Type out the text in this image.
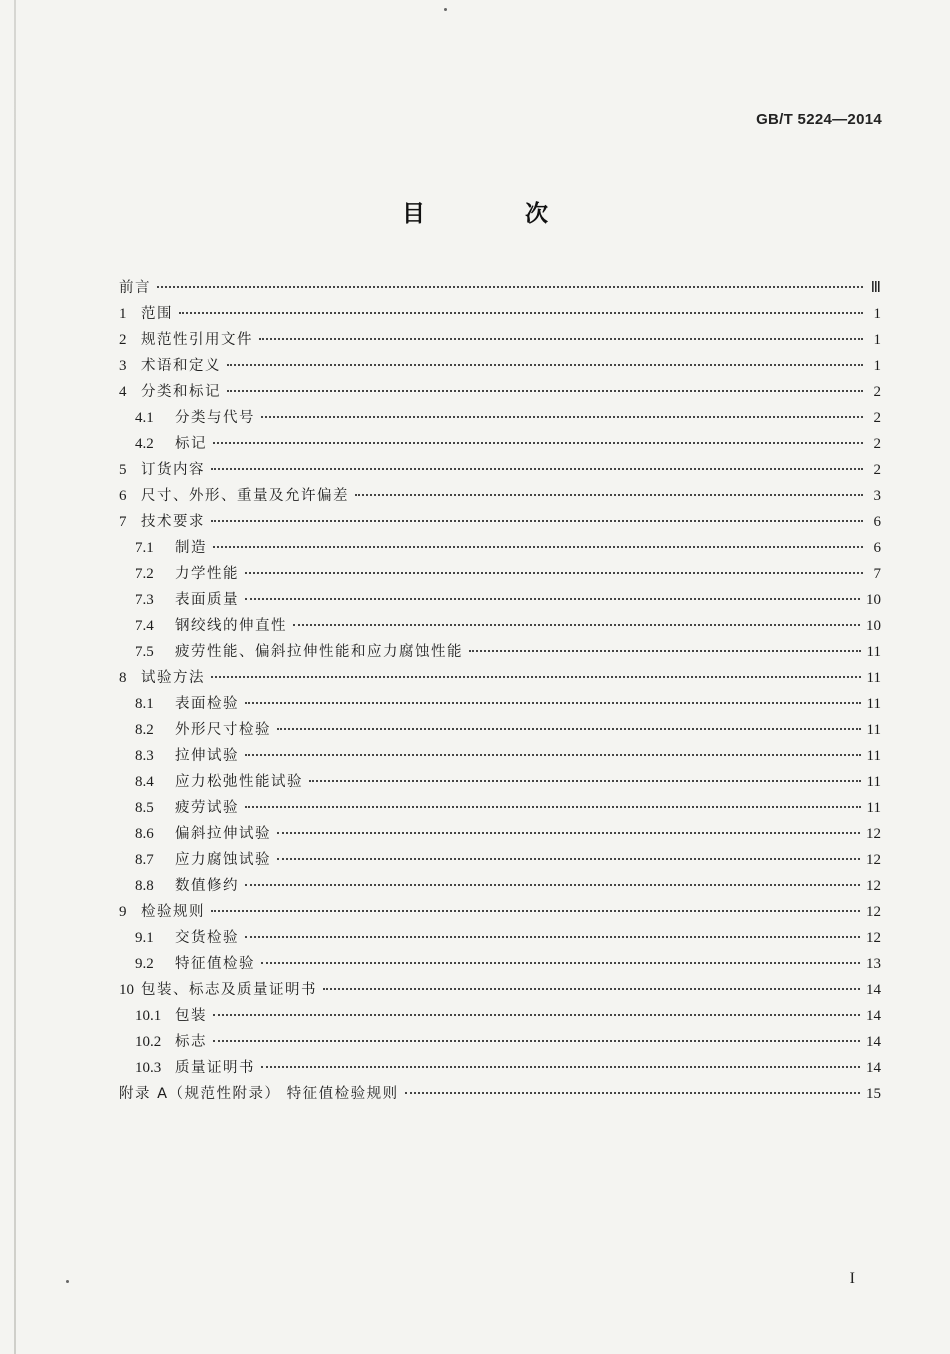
GB/T 5224—2014
目 次
前言	Ⅲ
1	范围	1
2	规范性引用文件	1
3	术语和定义	1
4	分类和标记	2
4.1	分类与代号	2
4.2	标记	2
5	订货内容	2
6	尺寸、外形、重量及允许偏差	3
7	技术要求	6
7.1	制造	6
7.2	力学性能	7
7.3	表面质量	10
7.4	钢绞线的伸直性	10
7.5	疲劳性能、偏斜拉伸性能和应力腐蚀性能	11
8	试验方法	11
8.1	表面检验	11
8.2	外形尺寸检验	11
8.3	拉伸试验	11
8.4	应力松弛性能试验	11
8.5	疲劳试验	11
8.6	偏斜拉伸试验	12
8.7	应力腐蚀试验	12
8.8	数值修约	12
9	检验规则	12
9.1	交货检验	12
9.2	特征值检验	13
10 包装、标志及质量证明书	14
10.1 包装	14
10.2 标志	14
10.3 质量证明书	14
附录 A（规范性附录） 特征值检验规则	15
I
